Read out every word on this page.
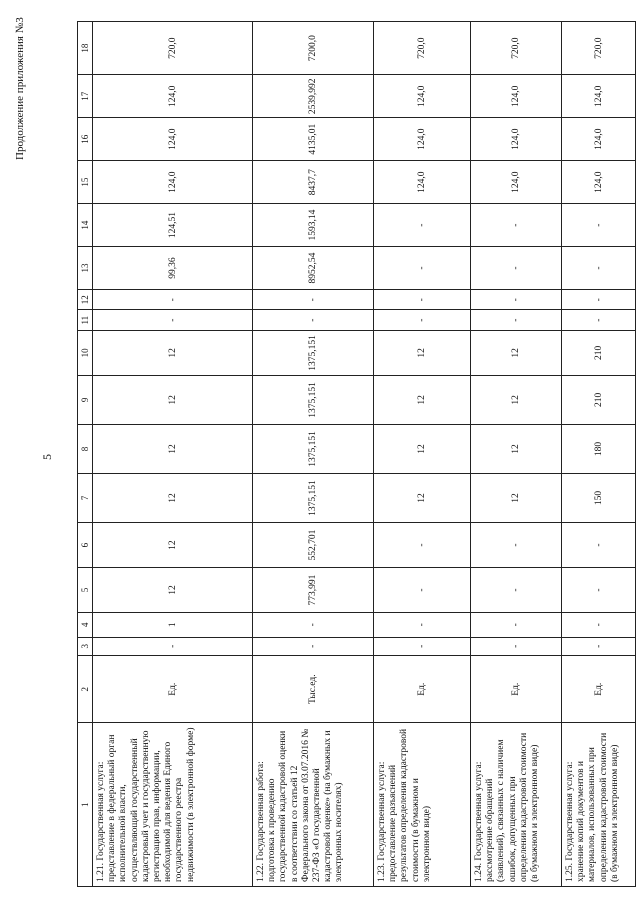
5
Продолжение приложения №3
1	2	3	4	5	6	7	8	9	10	11	12	13	14	15	16	17	18
1.21. Государственная услуга: представление в федеральный орган исполнительной власти, осуществляющий государственный кадастровый учет и государственную регистрацию прав, информации, необходимой для ведения Единого государственного реестра недвижимости (в электронной форме)	Ед.	-	1	12	12	12	12	12	12	-	-	99,36	124,51	124,0	124,0	124,0	720,0
1.22. Государственная работа: подготовка к проведению государственной кадастровой оценки в соответствии со статьей 12 Федерального закона от 03.07.2016 № 237-ФЗ «О государственной кадастровой оценке» (на бумажных и электронных носителях)	Тыс.ед.	-	-	773,991	552,701	1375,151	1375,151	1375,151	1375,151	-	-	8952,54	1593,14	8437,7	4135,01	2539,992	7200,0
1.23. Государственная услуга: предоставление разъяснений результатов определения кадастровой стоимости (в бумажном и электронном виде)	Ед.	-	-	-	-	12	12	12	12	-	-	-	-	124,0	124,0	124,0	720,0
1.24. Государственная услуга: рассмотрение обращений (заявлений), связанных с наличием ошибок, допущенных при определении кадастровой стоимости (в бумажном и электронном виде)	Ед.	-	-	-	-	12	12	12	12	-	-	-	-	124,0	124,0	124,0	720,0
1.25. Государственная услуга: хранение копий документов и материалов, использованных при определении кадастровой стоимости (в бумажном и электронном виде)	Ед.	-	-	-	-	150	180	210	210	-	-	-	-	124,0	124,0	124,0	720,0
